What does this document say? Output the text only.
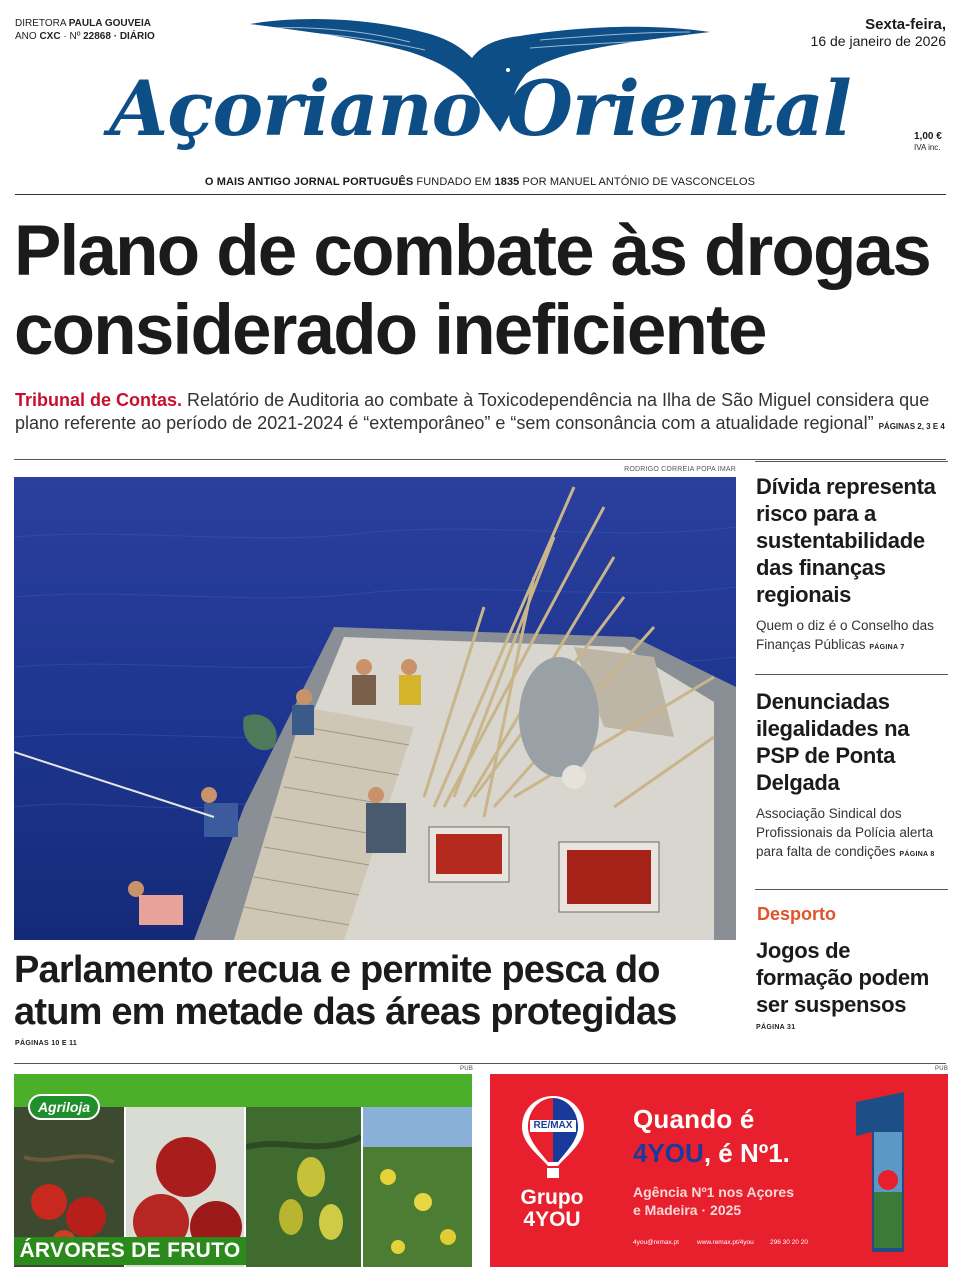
DIRETORA PAULA GOUVEIA
ANO CXC · Nº 22868 · DIÁRIO
Açoriano Oriental
Sexta-feira,
16 de janeiro de 2026
1,00 €
IVA inc.
O MAIS ANTIGO JORNAL PORTUGUÊS FUNDADO EM 1835 POR MANUEL ANTÓNIO DE VASCONCELOS
Plano de combate às drogas
considerado ineficiente
Tribunal de Contas. Relatório de Auditoria ao combate à Toxicodependência na Ilha de São Miguel considera que plano referente ao período de 2021-2024 é “extemporâneo” e “sem consonância com a atualidade regional” PÁGINAS 2, 3 E 4
RODRIGO CORREIA POPA IMAR
Parlamento recua e permite pesca do
atum em metade das áreas protegidas
PÁGINAS 10 E 11
Dívida representa risco para a sustentabilidade das finanças regionais
Quem o diz é o Conselho das Finanças Públicas PÁGINA 7
Denunciadas ilegalidades na PSP de Ponta Delgada
Associação Sindical dos Profissionais da Polícia alerta para falta de condições PÁGINA 8
Desporto
Jogos de formação podem ser suspensos
PÁGINA 31
PUB	PUB
Agriloja
ÁRVORES DE FRUTO
RE/MAX
Grupo 4YOU
Quando é
4YOU, é Nº1.
Agência Nº1 nos Açores
e Madeira · 2025
4you@remax.pt	www.remax.pt/4you	296 30 20 20
